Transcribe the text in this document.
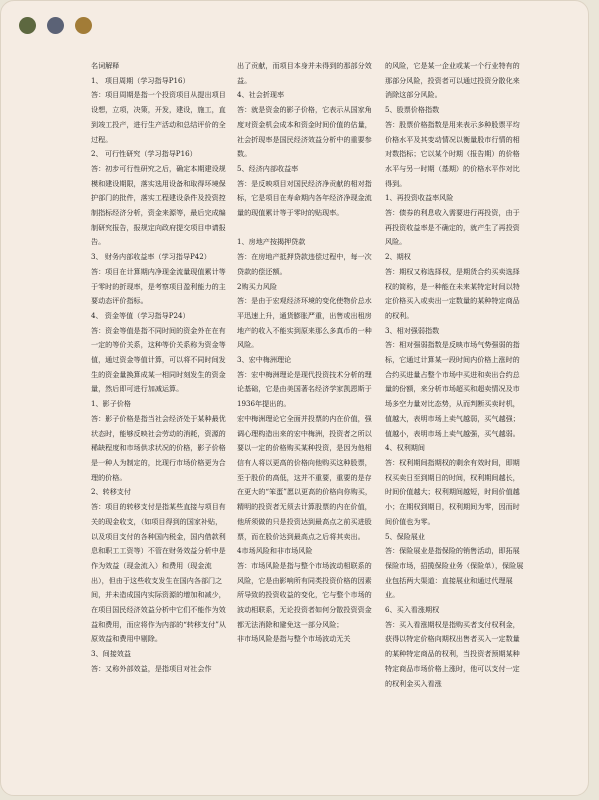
名词解释
1、 项目周期（学习指导P16）
答：项目周期是指一个投资项目从提出项目设想，立项，决策，开发，建设，施工，直到竣工投产，进行生产活动和总结评价的全过程。
2、 可行性研究（学习指导P16）
答：初步可行性研究之后，确定本期建设规模和建设期限，落实选用设备和取得环境保护部门的批件，落实工程建设条件及投资控制指标经济分析，资金来源等，最后完成编制研究报告，报规定向政府提交项目申请报告。
3、 财务内部收益率（学习指导P42）
答：项目在计算期内净现金流量现值累计等于零时的折现率，是考察项目盈利能力的主要动态评价指标。
4、 资金等值（学习指导P24）
答：资金等值是指不同时间的资金外在在有一定的等价关系，这种等价关系称为资金等值，通过资金等值计算，可以将不同时间发生的资金量换算成某一相同时刻发生的资金量，然后即可进行加减运算。
1、影子价格
答：影子价格是指当社会经济处于某种最优状态时，能够反映社会劳动的消耗，资源的稀缺程度和市场供求状况的价格，影子价格是一种人为制定的，比现行市场价格更为合理的价格。
2、转移支付
答：项目的转移支付是指某些直接与项目有关的现金收支，（如项目得到的国家补贴，以及项目支付的各种国内税金，国内借款利息和职工工资等）不管在财务效益分析中是作为效益（现金流入）和费用（现金流出），但由于这些收支发生在国内各部门之间，并未造成国内实际资源的增加和减少，在项目国民经济效益分析中它们不能作为效益和费用，而应将作为内部的“转移支付”从原效益和费用中剔除。
3、间接效益
答：又称外部效益，是指项目对社会作
出了贡献，而项目本身并未得到的那部分效益。
4、社会折现率
答：就是资金的影子价格，它表示从国家角度对资金机会成本和资金时间价值的估量，社会折现率是国民经济效益分析中的重要参数。
5、经济内部收益率
答：是反映项目对国民经济净贡献的相对指标，它是项目在寿命期内各年经济净现金流量的现值累计等于零时的贴现率。

1、房地产按揭押贷款
答：在房地产抵押贷款违偿过程中，每一次贷款的偿还额。
2购买力风险
答：是由于宏观经济环境的变化使物价总水平迅速上升，通货膨胀严重，出售或出租房地产的收入不能实到原来那么多真币的一种风险。
3、宏中梅洲理论
答：宏中梅洲理论是现代投资技术分析的理论基础，它是由美国著名经济学家凯恩斯于1936年提出的。
宏中梅洲理论它全面并投票的内在价值，强调心理构造出来的宏中梅洲，投资者之所以要以一定的价格购买某种投资，是因为他相信有人将以更高的价格向他购买这种股票，至于股价的高低，这并不重要，重要的是存在更大的“笨蛋”愿以更高的价格向你购买，精明的投资者无须去计算股票的内在价值，他所须做的只是投资达到最高点之前买进股票，而在股价达到最高点之后将其卖出。
4市场风险和非市场风险
答：市场风险是指与整个市场波动相联系的风险，它是由影响所有同类投资价格的因素所导致的投资收益的变化，它与整个市场的波动相联系，无论投资者如何分散投资资金都无法消除和避免这一部分风险；
非市场风险是指与整个市场波动无关
的风险，它是某一企业或某一个行业特有的那部分风险，投资者可以通过投资分散化来消除这部分风险。
5、股票价格指数
答：股票价格指数是用来表示多种股票平均价格水平及其变动情况以衡量股市行情的相对数指标；它以某个时期（报告期）的价格水平与另一时期（基期）的价格水平作对比得到。
1、再投资收益率风险
答：债券的利息收入需要进行再投资，由于再投资收益率是不确定的，就产生了再投资风险。
2、期权
答：期权又称选择权，是期货合约买卖选择权的简称，是一种能在未来某特定时间以特定价格买入或卖出一定数量的某种特定商品的权利。
3、相对强弱指数
答：相对强弱指数是反映市场气势强弱的指标，它通过计算某一段时间内价格上涨时的合约买进量占整个市场中买进和卖出合约总量的份额，来分析市场超买和超卖情况及市场多空力量对比态势，从而判断买卖时机，值越大，表明市场上卖气越弱，买气越强；值越小，表明市场上卖气越强，买气越弱。
4、权利期间
答：权利期间指期权的剩余有效时间，即期权买卖日至到期日的时间，权利期间越长，时间价值越大；权利期间越短，时间价值越小；在期权到期日，权利期间为零，因而时间价值也为零。
5、保险展业
答：保险展业是指保险的销售活动，即拓展保险市场，招揽保险业务（保险单），保险展业包括两大渠道：直接展业和通过代理展业。
6、买入看涨期权
答：买入看涨期权是指购买者支付权利金，获得以特定价格向期权出售者买入一定数量的某种特定商品的权利，当投资者预期某种特定商品市场价格上涨时，他可以支付一定的权利金买入看涨
